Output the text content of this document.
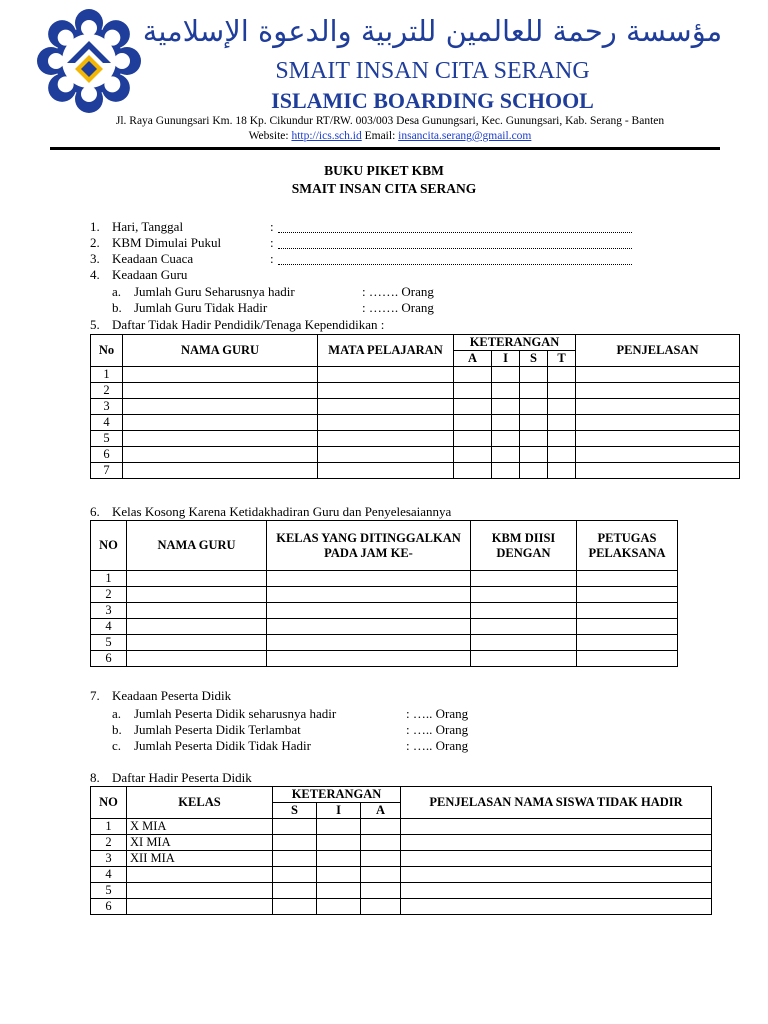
مؤسسة رحمة للعالمين للتربية والدعوة الإسلامية
SMAIT INSAN CITA SERANG
ISLAMIC BOARDING SCHOOL
Jl. Raya Gunungsari Km. 18 Kp. Cikundur RT/RW. 003/003 Desa Gunungsari, Kec. Gunungsari, Kab. Serang - Banten
Website: http://ics.sch.id Email: insancita.serang@gmail.com
BUKU PIKET KBM
SMAIT INSAN CITA SERANG
1. Hari, Tanggal	:
2. KBM Dimulai Pukul	:
3. Keadaan Cuaca	:
4. Keadaan Guru
a. Jumlah Guru Seharusnya hadir	: ……. Orang
b. Jumlah Guru Tidak Hadir	: ……. Orang
5. Daftar Tidak Hadir Pendidik/Tenaga Kependidikan :
No	NAMA GURU	MATA PELAJARAN	KETERANGAN				PENJELASAN
			A	I	S	T	
1							
2							
3							
4							
5							
6							
7							
6. Kelas Kosong Karena Ketidakhadiran Guru dan Penyelesaiannya
NO	NAMA GURU	KELAS YANG DITINGGALKAN PADA JAM KE-	KBM DIISI DENGAN	PETUGAS PELAKSANA
1				
2				
3				
4				
5				
6				
7. Keadaan Peserta Didik
a. Jumlah Peserta Didik seharusnya hadir	: ….. Orang
b. Jumlah Peserta Didik Terlambat	: ….. Orang
c. Jumlah Peserta Didik Tidak Hadir	: ….. Orang
8. Daftar Hadir Peserta Didik
NO	KELAS	KETERANGAN			PENJELASAN NAMA SISWA TIDAK HADIR
		S	I	A	
1	X MIA				
2	XI MIA				
3	XII MIA				
4					
5					
6					
